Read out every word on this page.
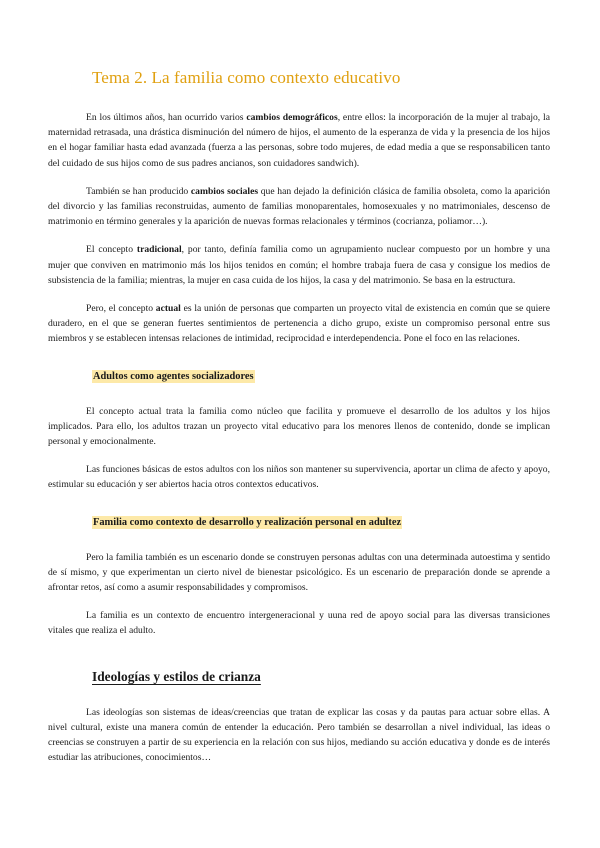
Tema 2. La familia como contexto educativo

En los últimos años, han ocurrido varios cambios demográficos, entre ellos: la incorporación de la mujer al trabajo, la maternidad retrasada, una drástica disminución del número de hijos, el aumento de la esperanza de vida y la presencia de los hijos en el hogar familiar hasta edad avanzada (fuerza a las personas, sobre todo mujeres, de edad media a que se responsabilicen tanto del cuidado de sus hijos como de sus padres ancianos, son cuidadores sandwich).

También se han producido cambios sociales que han dejado la definición clásica de familia obsoleta, como la aparición del divorcio y las familias reconstruidas, aumento de familias monoparentales, homosexuales y no matrimoniales, descenso de matrimonio en término generales y la aparición de nuevas formas relacionales y términos (cocrianza, poliamor…).

El concepto tradicional, por tanto, definía familia como un agrupamiento nuclear compuesto por un hombre y una mujer que conviven en matrimonio más los hijos tenidos en común; el hombre trabaja fuera de casa y consigue los medios de subsistencia de la familia; mientras, la mujer en casa cuida de los hijos, la casa y del matrimonio. Se basa en la estructura.

Pero, el concepto actual es la unión de personas que comparten un proyecto vital de existencia en común que se quiere duradero, en el que se generan fuertes sentimientos de pertenencia a dicho grupo, existe un compromiso personal entre sus miembros y se establecen intensas relaciones de intimidad, reciprocidad e interdependencia. Pone el foco en las relaciones.

Adultos como agentes socializadores

El concepto actual trata la familia como núcleo que facilita y promueve el desarrollo de los adultos y los hijos implicados. Para ello, los adultos trazan un proyecto vital educativo para los menores llenos de contenido, donde se implican personal y emocionalmente.

Las funciones básicas de estos adultos con los niños son mantener su supervivencia, aportar un clima de afecto y apoyo, estimular su educación y ser abiertos hacia otros contextos educativos.

Familia como contexto de desarrollo y realización personal en adultez

Pero la familia también es un escenario donde se construyen personas adultas con una determinada autoestima y sentido de sí mismo, y que experimentan un cierto nivel de bienestar psicológico. Es un escenario de preparación donde se aprende a afrontar retos, así como a asumir responsabilidades y compromisos.

La familia es un contexto de encuentro intergeneracional y uuna red de apoyo social para las diversas transiciones vitales que realiza el adulto.

Ideologías y estilos de crianza

Las ideologías son sistemas de ideas/creencias que tratan de explicar las cosas y da pautas para actuar sobre ellas. A nivel cultural, existe una manera común de entender la educación. Pero también se desarrollan a nivel individual, las ideas o creencias se construyen a partir de su experiencia en la relación con sus hijos, mediando su acción educativa y donde es de interés estudiar las atribuciones, conocimientos…
